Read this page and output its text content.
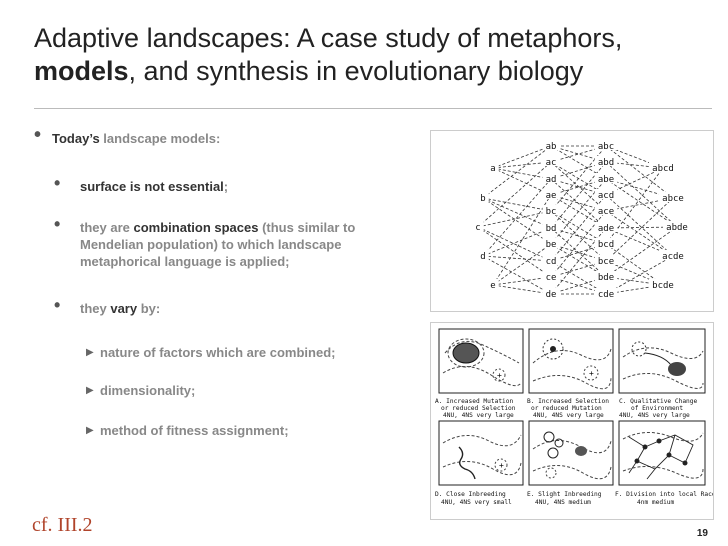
Adaptive landscapes: A case study of metaphors,
models, and synthesis in evolutionary biology
• Today’s landscape models:
• surface is not essential;
• they are combination spaces (thus similar to Mendelian population) to which landscape metaphorical language is applied;
• they vary by:
▶ nature of factors which are combined;
▶ dimensionality;
▶ method of fitness assignment;
a
b
c
d
e
ab
ac
ad
ae
bc
bd
be
cd
ce
de
abc
abd
abe
acd
ace
ade
bcd
bce
bde
cde
abcd
abce
abde
acde
bcde
+	+
+
A. Increased Mutation
or reduced Selection
4NU, 4NS very large
B. Increased Selection
or reduced Mutation
4NU, 4NS very large
C. Qualitative Change
of Environment
4NU, 4NS very large
D. Close Inbreeding
4NU, 4NS very small
E. Slight Inbreeding
4NU, 4NS medium
F. Division into local Races
4nm medium
cf. III.2	19
